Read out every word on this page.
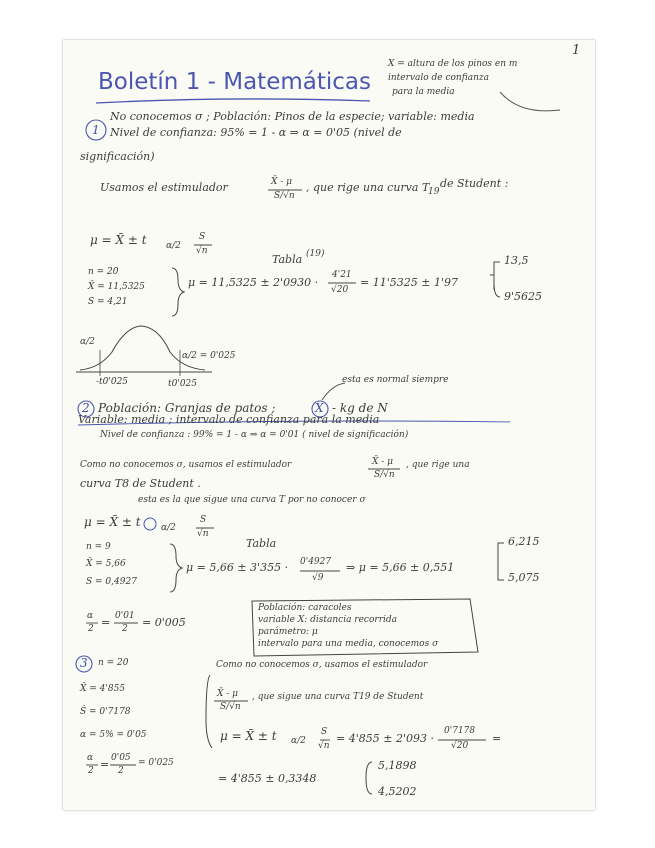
1
Boletín 1 - Matemáticas
X = altura de los pinos en m
intervalo de confianza
para la media
1
No conocemos σ ; Población: Pinos de la especie; variable: media
Nivel de confianza: 95% = 1 - α ⇒ α = 0'05 (nivel de
significación)
Usamos el estimulador	X̄ - μ
S/√n
, que rige una curva T
19
de Student :
μ = X̄ ± t α/2
S
√n
Tabla (19)
n = 20
X̄ = 11,5325
S = 4,21
μ = 11,5325 ± 2'0930 ·
4'21
√20
= 11'5325 ± 1'97
13,5
9'5625
α/2
α/2 = 0'025
-t0'025	t0'025	esta es normal siempre
2 Población: Granjas de patos ;	X - kg de N
Variable: media ; intervalo de confianza para la media
Nivel de confianza : 99% = 1 - α ⇒ α = 0'01 ( nivel de significación)
Como no conocemos σ, usamos el estimulador	X̄ - μ
S/√n
, que rige una
curva T8 de Student .
esta es la que sigue una curva T por no conocer σ
μ = X̄ ± t α/2
S
√n
Tabla
n = 9
X̄ = 5,66
S = 0,4927
μ = 5,66 ± 3'355 · 0'4927
√9
⇒ μ = 5,66 ± 0,551
6,215
5,075
α
2 = 0'01
2 = 0'005
Población: caracoles
variable X: distancia recorrida
parámetro: μ
intervalo para una media, conocemos σ
3 n = 20
X̄ = 4'855
Ŝ = 0'7178
α = 5% = 0'05
α
2 = 0'05
2
= 0'025
Como no conocemos σ, usamos el estimulador
X̄ - μ
S/√n
, que sigue una curva T19 de Student
μ = X̄ ± t α/2
S
√n
= 4'855 ± 2'093 ·
0'7178
√20
=
= 4'855 ± 0,3348
5,1898
4,5202
